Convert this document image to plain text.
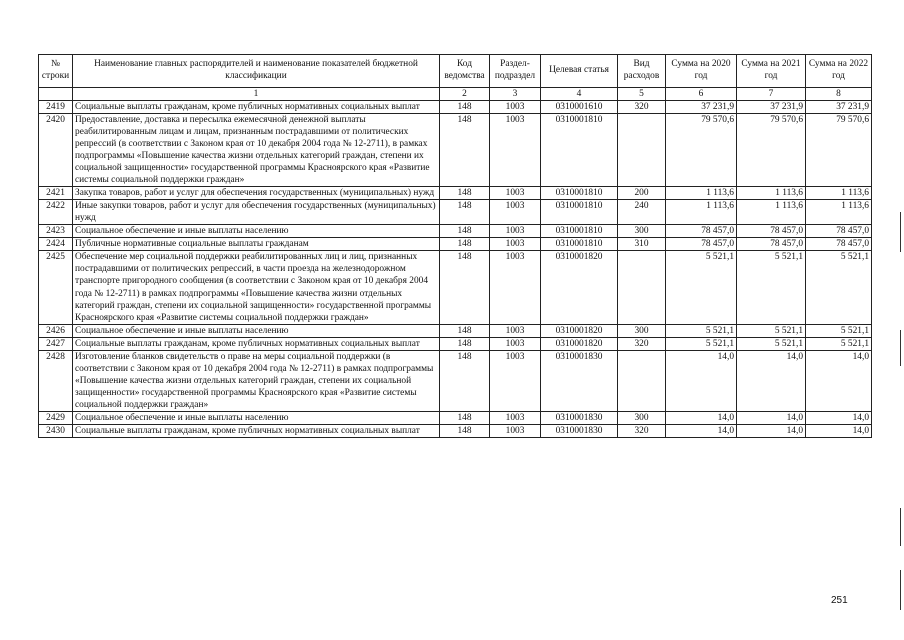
№ строки	Наименование главных распорядителей и наименование показателей бюджетной классификации	Код ведомства	Раздел-подраздел	Целевая статья	Вид расходов	Сумма на 2020 год	Сумма на 2021 год	Сумма на 2022 год
	1	2	3	4	5	6	7	8
2419	Социальные выплаты гражданам, кроме публичных нормативных социальных выплат	148	1003	0310001610	320	37 231,9	37 231,9	37 231,9
2420	Предоставление, доставка и пересылка ежемесячной денежной выплаты реабилитированным лицам и лицам, признанным пострадавшими от политических репрессий (в соответствии с Законом края от 10 декабря 2004 года № 12-2711), в рамках подпрограммы «Повышение качества жизни отдельных категорий граждан, степени их социальной защищенности» государственной программы Красноярского края «Развитие системы социальной поддержки граждан»	148	1003	0310001810		79 570,6	79 570,6	79 570,6
2421	Закупка товаров, работ и услуг для обеспечения государственных (муниципальных) нужд	148	1003	0310001810	200	1 113,6	1 113,6	1 113,6
2422	Иные закупки товаров, работ и услуг для обеспечения государственных (муниципальных) нужд	148	1003	0310001810	240	1 113,6	1 113,6	1 113,6
2423	Социальное обеспечение и иные выплаты населению	148	1003	0310001810	300	78 457,0	78 457,0	78 457,0
2424	Публичные нормативные социальные выплаты гражданам	148	1003	0310001810	310	78 457,0	78 457,0	78 457,0
2425	Обеспечение мер социальной поддержки реабилитированных лиц и лиц, признанных пострадавшими от политических репрессий, в части проезда на железнодорожном транспорте пригородного сообщения (в соответствии с Законом края от 10 декабря 2004 года № 12-2711) в рамках подпрограммы «Повышение качества жизни отдельных категорий граждан, степени их социальной защищенности» государственной программы Красноярского края «Развитие системы социальной поддержки граждан»	148	1003	0310001820		5 521,1	5 521,1	5 521,1
2426	Социальное обеспечение и иные выплаты населению	148	1003	0310001820	300	5 521,1	5 521,1	5 521,1
2427	Социальные выплаты гражданам, кроме публичных нормативных социальных выплат	148	1003	0310001820	320	5 521,1	5 521,1	5 521,1
2428	Изготовление бланков свидетельств о праве на меры социальной поддержки (в соответствии с Законом края от 10 декабря 2004 года № 12-2711) в рамках подпрограммы «Повышение качества жизни отдельных категорий граждан, степени их социальной защищенности» государственной программы Красноярского края «Развитие системы социальной поддержки граждан»	148	1003	0310001830		14,0	14,0	14,0
2429	Социальное обеспечение и иные выплаты населению	148	1003	0310001830	300	14,0	14,0	14,0
2430	Социальные выплаты гражданам, кроме публичных нормативных социальных выплат	148	1003	0310001830	320	14,0	14,0	14,0
251
